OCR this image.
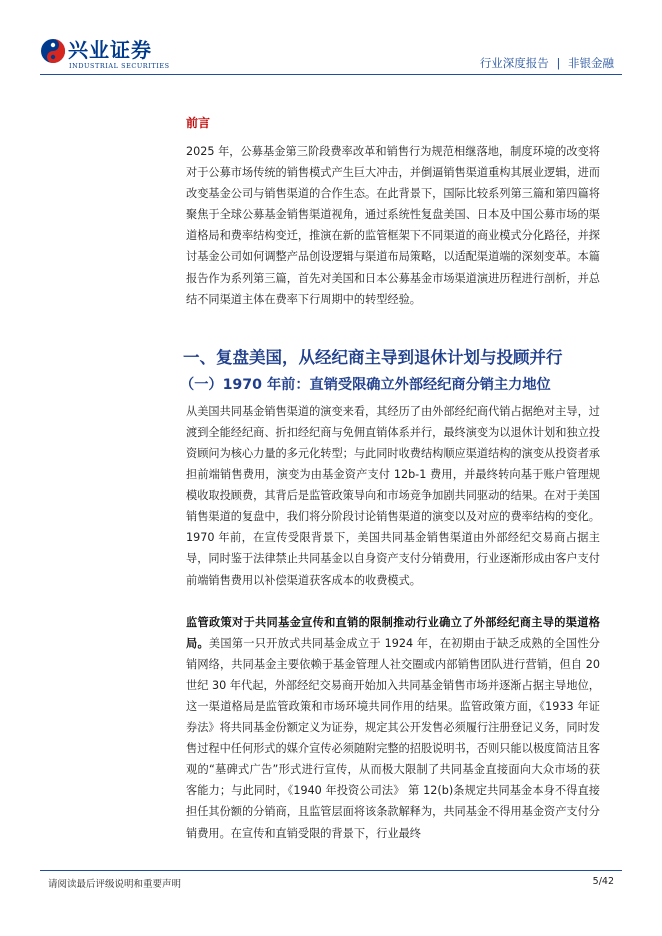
兴业证券
INDUSTRIAL SECURITIES	行业深度报告 | 非银金融
前言

2025 年，公募基金第三阶段费率改革和销售行为规范相继落地，制度环境的改变将对于公募市场传统的销售模式产生巨大冲击，并倒逼销售渠道重构其展业逻辑，进而改变基金公司与销售渠道的合作生态。在此背景下，国际比较系列第三篇和第四篇将聚焦于全球公募基金销售渠道视角，通过系统性复盘美国、日本及中国公募市场的渠道格局和费率结构变迁，推演在新的监管框架下不同渠道的商业模式分化路径，并探讨基金公司如何调整产品创设逻辑与渠道布局策略，以适配渠道端的深刻变革。本篇报告作为系列第三篇，首先对美国和日本公募基金市场渠道演进历程进行剖析，并总结不同渠道主体在费率下行周期中的转型经验。

一、复盘美国，从经纪商主导到退休计划与投顾并行
（一）1970 年前：直销受限确立外部经纪商分销主力地位

从美国共同基金销售渠道的演变来看，其经历了由外部经纪商代销占据绝对主导，过渡到全能经纪商、折扣经纪商与免佣直销体系并行，最终演变为以退休计划和独立投资顾问为核心力量的多元化转型；与此同时收费结构顺应渠道结构的演变从投资者承担前端销售费用，演变为由基金资产支付 12b-1 费用，并最终转向基于账户管理规模收取投顾费，其背后是监管政策导向和市场竞争加剧共同驱动的结果。在对于美国销售渠道的复盘中，我们将分阶段讨论销售渠道的演变以及对应的费率结构的变化。1970 年前，在宣传受限背景下，美国共同基金销售渠道由外部经纪交易商占据主导，同时鉴于法律禁止共同基金以自身资产支付分销费用，行业逐渐形成由客户支付前端销售费用以补偿渠道获客成本的收费模式。

监管政策对于共同基金宣传和直销的限制推动行业确立了外部经纪商主导的渠道格局。美国第一只开放式共同基金成立于 1924 年，在初期由于缺乏成熟的全国性分销网络，共同基金主要依赖于基金管理人社交圈或内部销售团队进行营销，但自 20 世纪 30 年代起，外部经纪交易商开始加入共同基金销售市场并逐渐占据主导地位，这一渠道格局是监管政策和市场环境共同作用的结果。监管政策方面，《1933 年证券法》将共同基金份额定义为证券，规定其公开发售必须履行注册登记义务，同时发售过程中任何形式的媒介宣传必须随附完整的招股说明书，否则只能以极度简洁且客观的“墓碑式广告”形式进行宣传，从而极大限制了共同基金直接面向大众市场的获客能力；与此同时，《1940 年投资公司法》 第 12(b)条规定共同基金本身不得直接担任其份额的分销商，且监管层面将该条款解释为，共同基金不得用基金资产支付分销费用。在宣传和直销受限的背景下，行业最终

请阅读最后评级说明和重要声明	5/42
